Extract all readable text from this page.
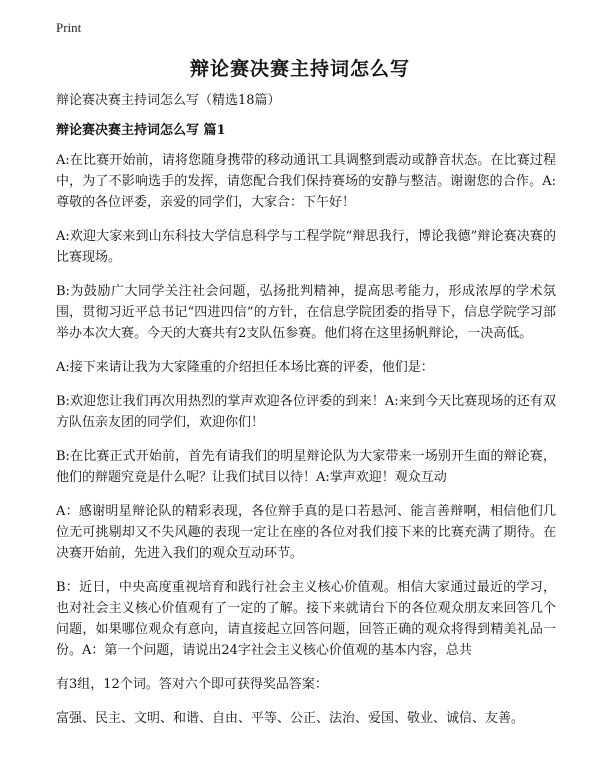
Print
辩论赛决赛主持词怎么写
辩论赛决赛主持词怎么写（精选18篇）
辩论赛决赛主持词怎么写 篇1

A:在比赛开始前，请将您随身携带的移动通讯工具调整到震动或静音状态。在比赛过程中，为了不影响选手的发挥，请您配合我们保持赛场的安静与整洁。谢谢您的合作。A:尊敬的各位评委，亲爱的同学们，大家合：下午好！

A:欢迎大家来到山东科技大学信息科学与工程学院“辩思我行，博论我德”辩论赛决赛的比赛现场。

B:为鼓励广大同学关注社会问题，弘扬批判精神，提高思考能力，形成浓厚的学术氛围，贯彻习近平总书记“四进四信”的方针，在信息学院团委的指导下，信息学院学习部举办本次大赛。今天的大赛共有2支队伍参赛。他们将在这里扬帆辩论，一决高低。

A:接下来请让我为大家隆重的介绍担任本场比赛的评委，他们是：

B:欢迎您让我们再次用热烈的掌声欢迎各位评委的到来！A:来到今天比赛现场的还有双方队伍亲友团的同学们，欢迎你们！

B:在比赛正式开始前，首先有请我们的明星辩论队为大家带来一场别开生面的辩论赛，他们的辩题究竟是什么呢？让我们拭目以待！A:掌声欢迎！观众互动

A：感谢明星辩论队的精彩表现，各位辩手真的是口若悬河、能言善辩啊，相信他们几位无可挑剔却又不失风趣的表现一定让在座的各位对我们接下来的比赛充满了期待。在决赛开始前，先进入我们的观众互动环节。

B：近日，中央高度重视培育和践行社会主义核心价值观。相信大家通过最近的学习，也对社会主义核心价值观有了一定的了解。接下来就请台下的各位观众朋友来回答几个问题，如果哪位观众有意向，请直接起立回答问题，回答正确的观众将得到精美礼品一份。A：第一个问题，请说出24字社会主义核心价值观的基本内容，总共

有3组，12个词。答对六个即可获得奖品答案：

富强、民主、文明、和谐、自由、平等、公正、法治、爱国、敬业、诚信、友善。
